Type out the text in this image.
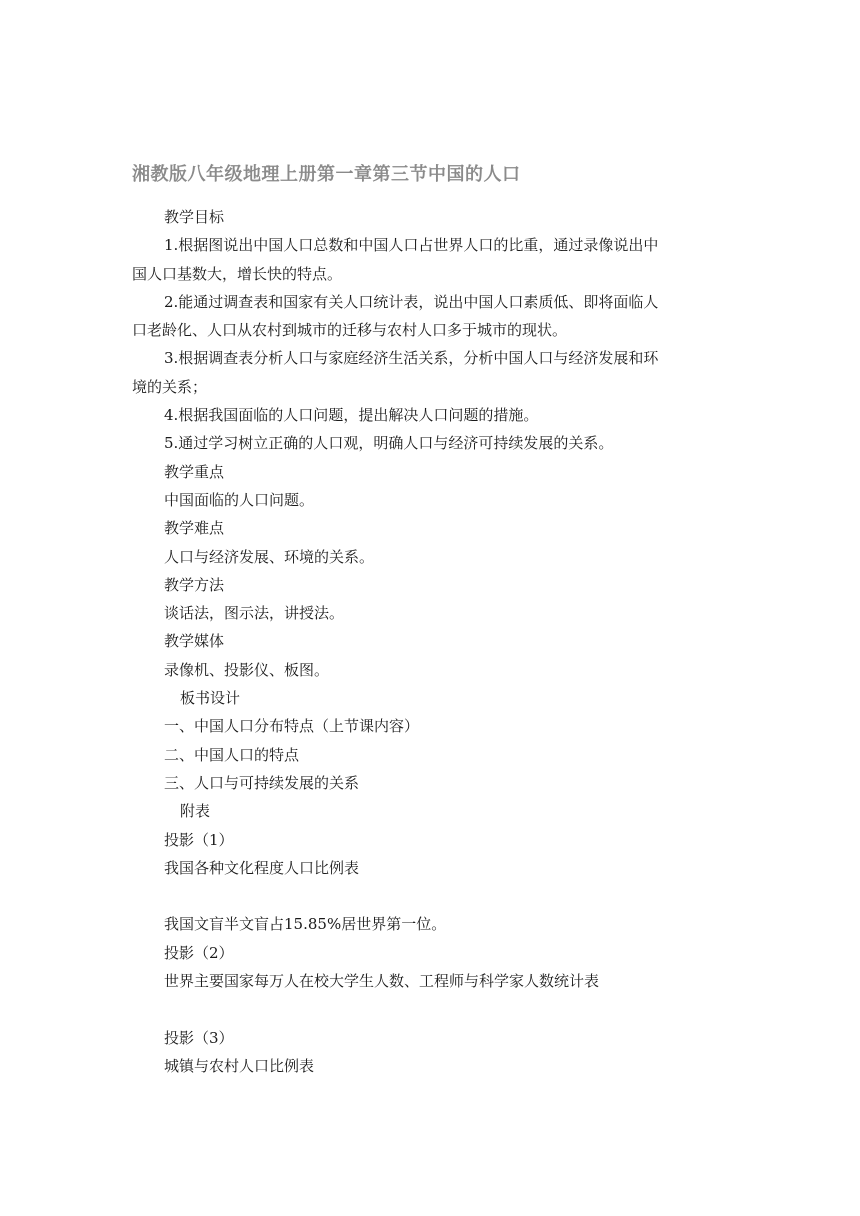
湘教版八年级地理上册第一章第三节中国的人口
教学目标
1.根据图说出中国人口总数和中国人口占世界人口的比重，通过录像说出中
国人口基数大，增长快的特点。
2.能通过调查表和国家有关人口统计表，说出中国人口素质低、即将面临人
口老龄化、人口从农村到城市的迁移与农村人口多于城市的现状。
3.根据调查表分析人口与家庭经济生活关系，分析中国人口与经济发展和环
境的关系；
4.根据我国面临的人口问题，提出解决人口问题的措施。
5.通过学习树立正确的人口观，明确人口与经济可持续发展的关系。
教学重点
中国面临的人口问题。
教学难点
人口与经济发展、环境的关系。
教学方法
谈话法，图示法，讲授法。
教学媒体
录像机、投影仪、板图。
板书设计
一、中国人口分布特点（上节课内容）
二、中国人口的特点
三、人口与可持续发展的关系
附表
投影（1）
我国各种文化程度人口比例表
我国文盲半文盲占15.85%居世界第一位。
投影（2）
世界主要国家每万人在校大学生人数、工程师与科学家人数统计表
投影（3）
城镇与农村人口比例表
